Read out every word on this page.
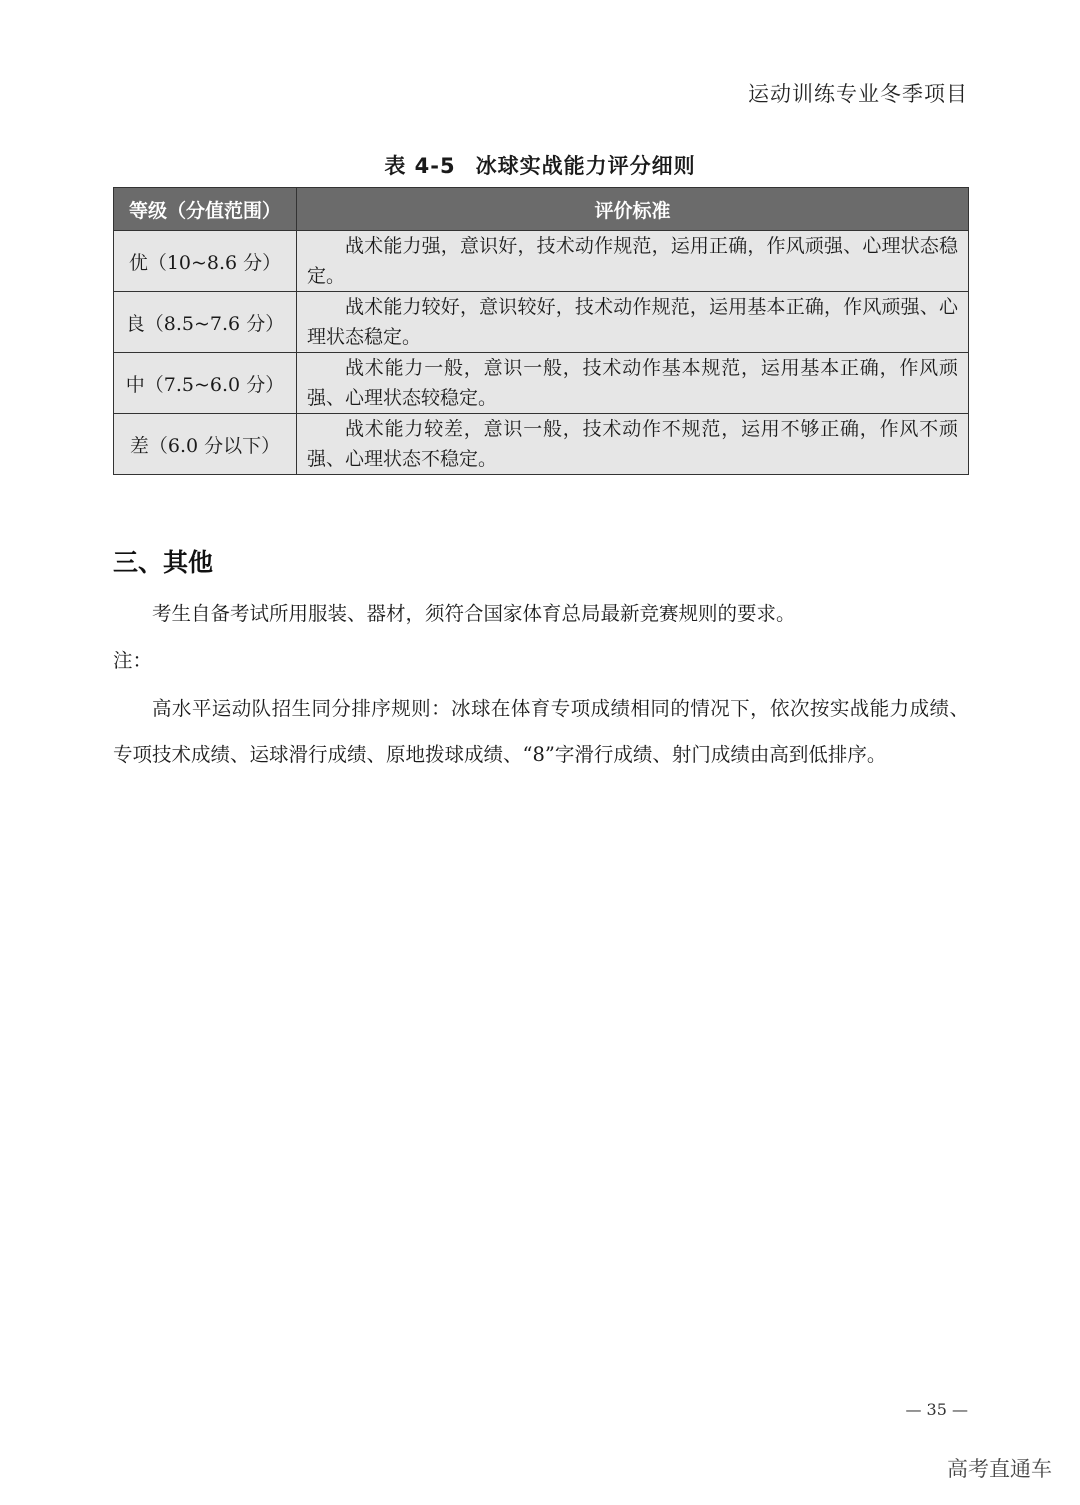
运动训练专业冬季项目
表 4-5 冰球实战能力评分细则
等级（分值范围）	评价标准
优（10~8.6 分）	战术能力强，意识好，技术动作规范，运用正确，作风顽强、心理状态稳定。
良（8.5~7.6 分）	战术能力较好，意识较好，技术动作规范，运用基本正确，作风顽强、心理状态稳定。
中（7.5~6.0 分）	战术能力一般，意识一般，技术动作基本规范，运用基本正确，作风顽强、心理状态较稳定。
差（6.0 分以下）	战术能力较差，意识一般，技术动作不规范，运用不够正确，作风不顽强、心理状态不稳定。
三、其他
考生自备考试所用服装、器材，须符合国家体育总局最新竞赛规则的要求。
注：
高水平运动队招生同分排序规则：冰球在体育专项成绩相同的情况下，依次按实战能力成绩、专项技术成绩、运球滑行成绩、原地拨球成绩、“8”字滑行成绩、射门成绩由高到低排序。
— 35 —
高考直通车
